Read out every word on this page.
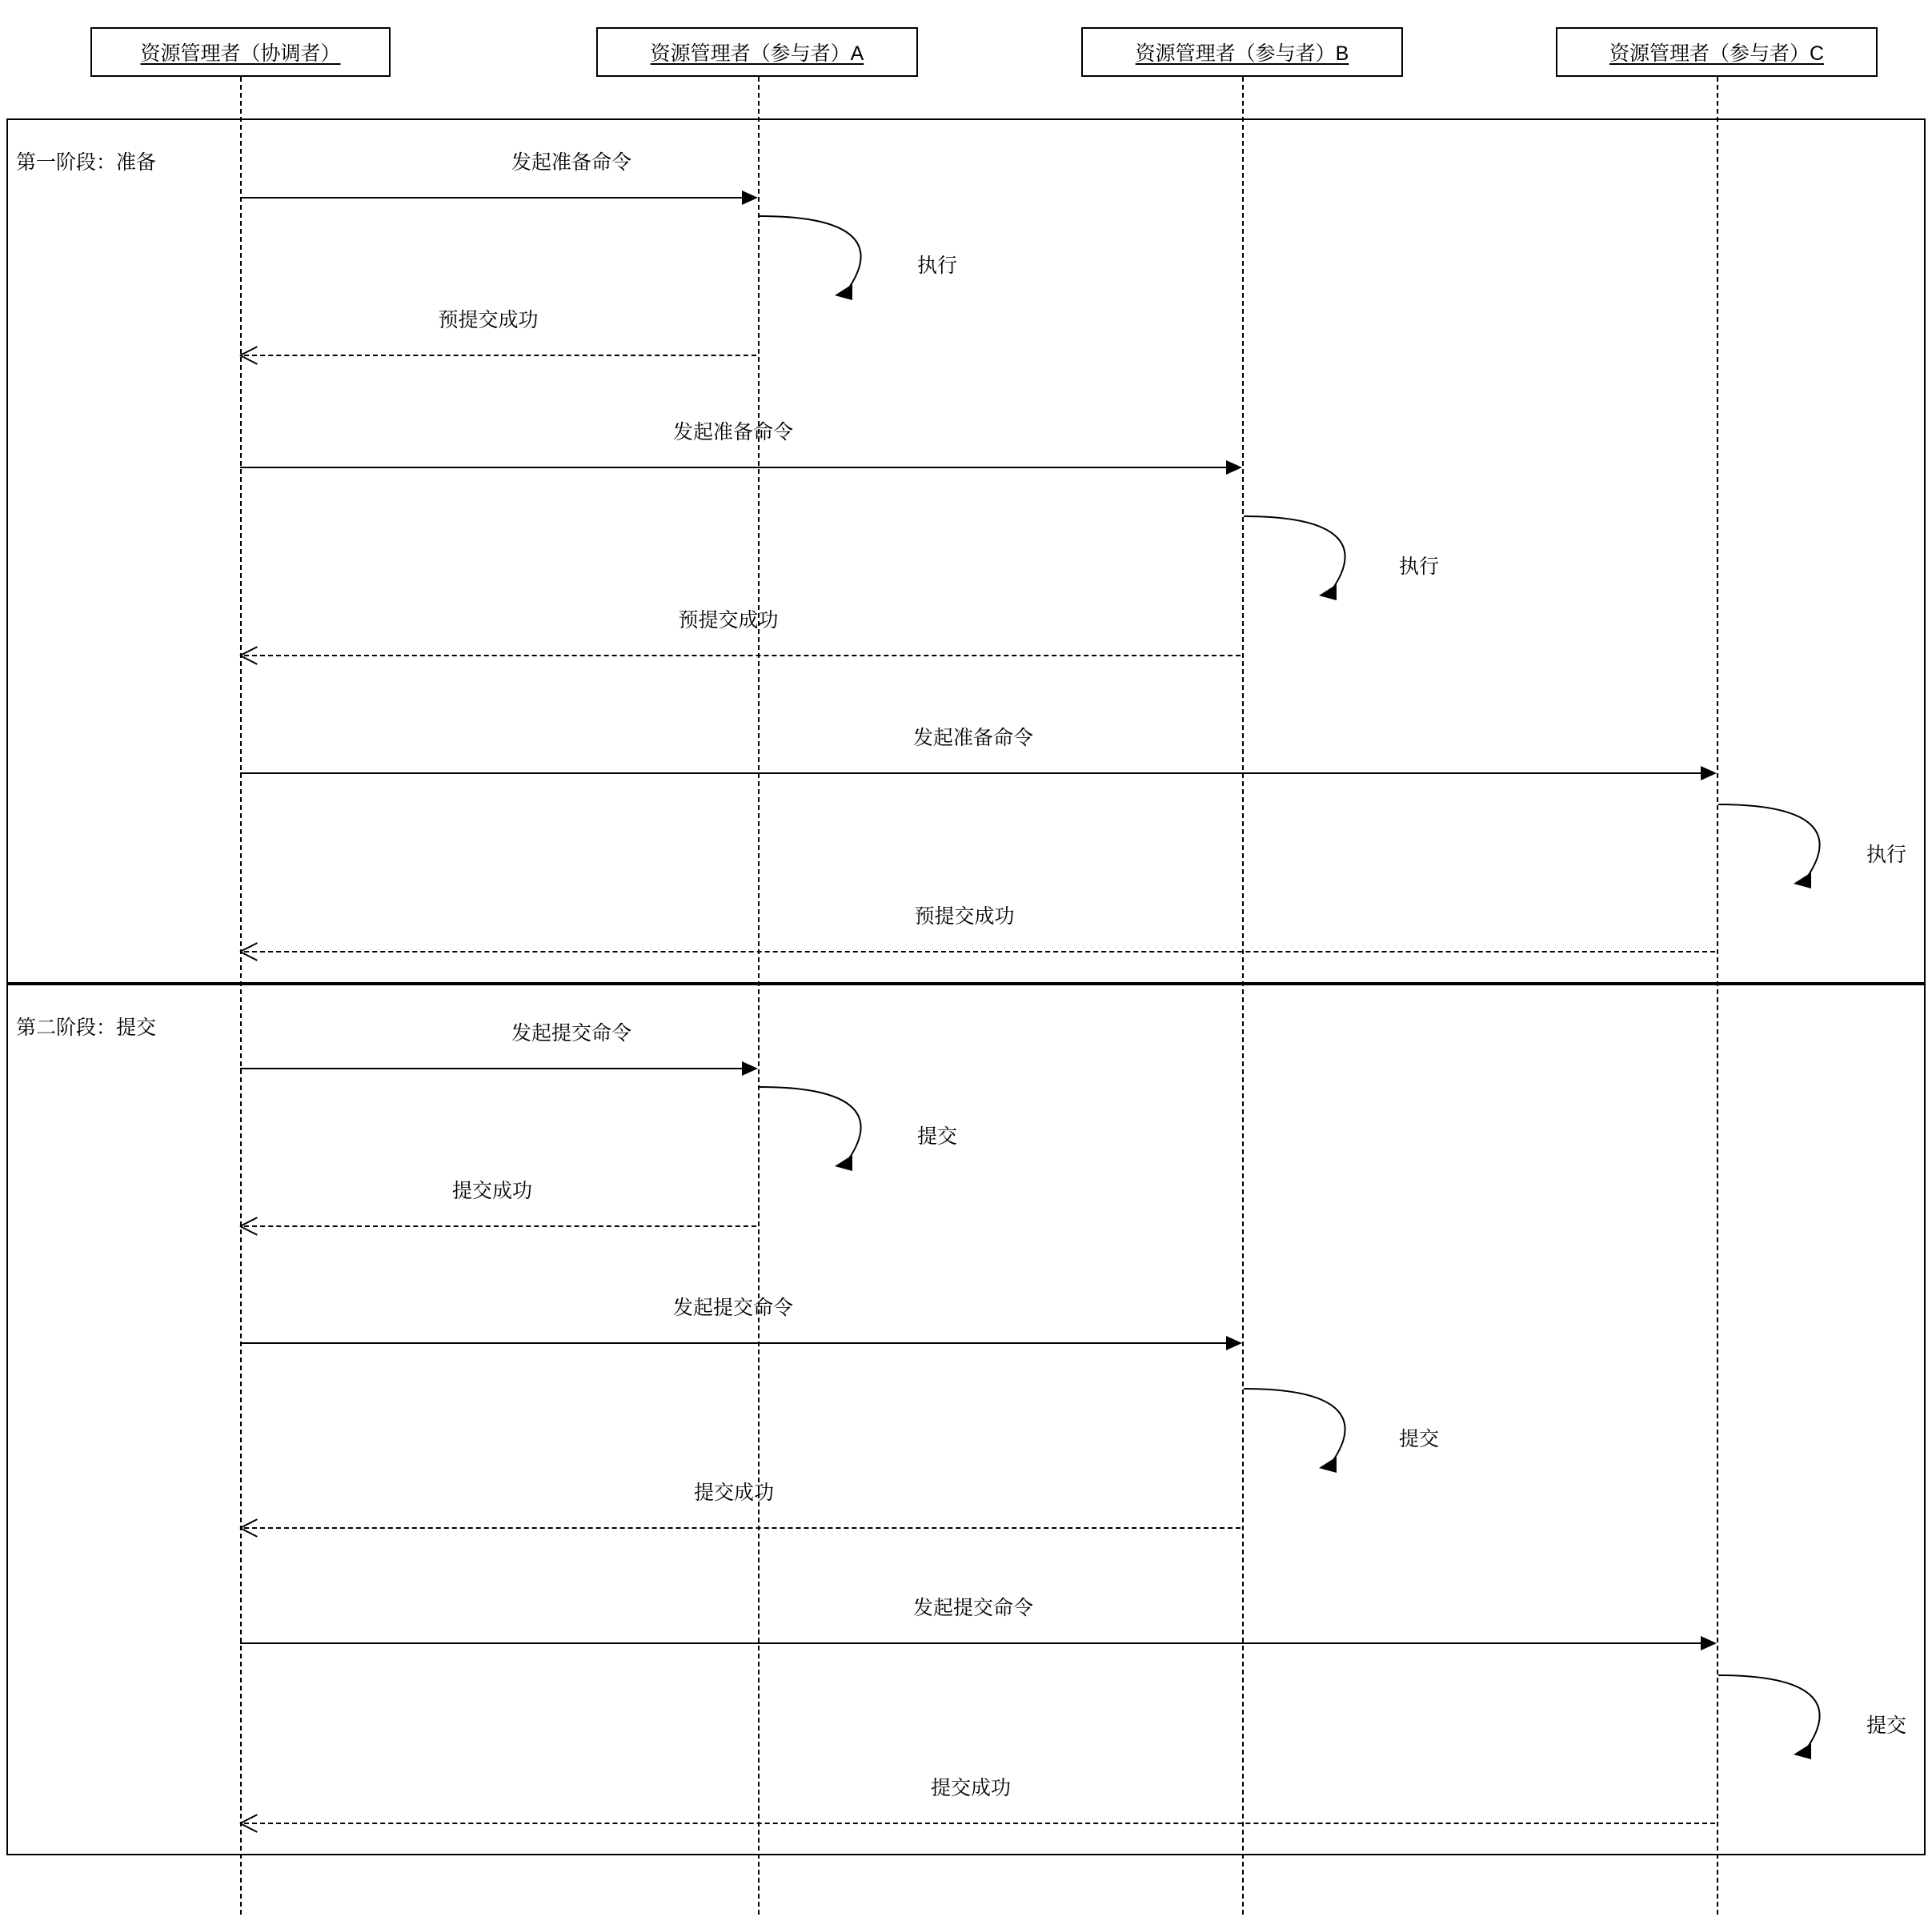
资源管理者（协调者）	资源管理者（参与者）A	资源管理者（参与者）B	资源管理者（参与者）C
第一阶段：准备
第二阶段：提交
发起准备命令
执行
预提交成功
发起准备命令
执行
预提交成功
发起准备命令
执行
预提交成功
发起提交命令
提交
提交成功
发起提交命令
提交
提交成功
发起提交命令
提交
提交成功
